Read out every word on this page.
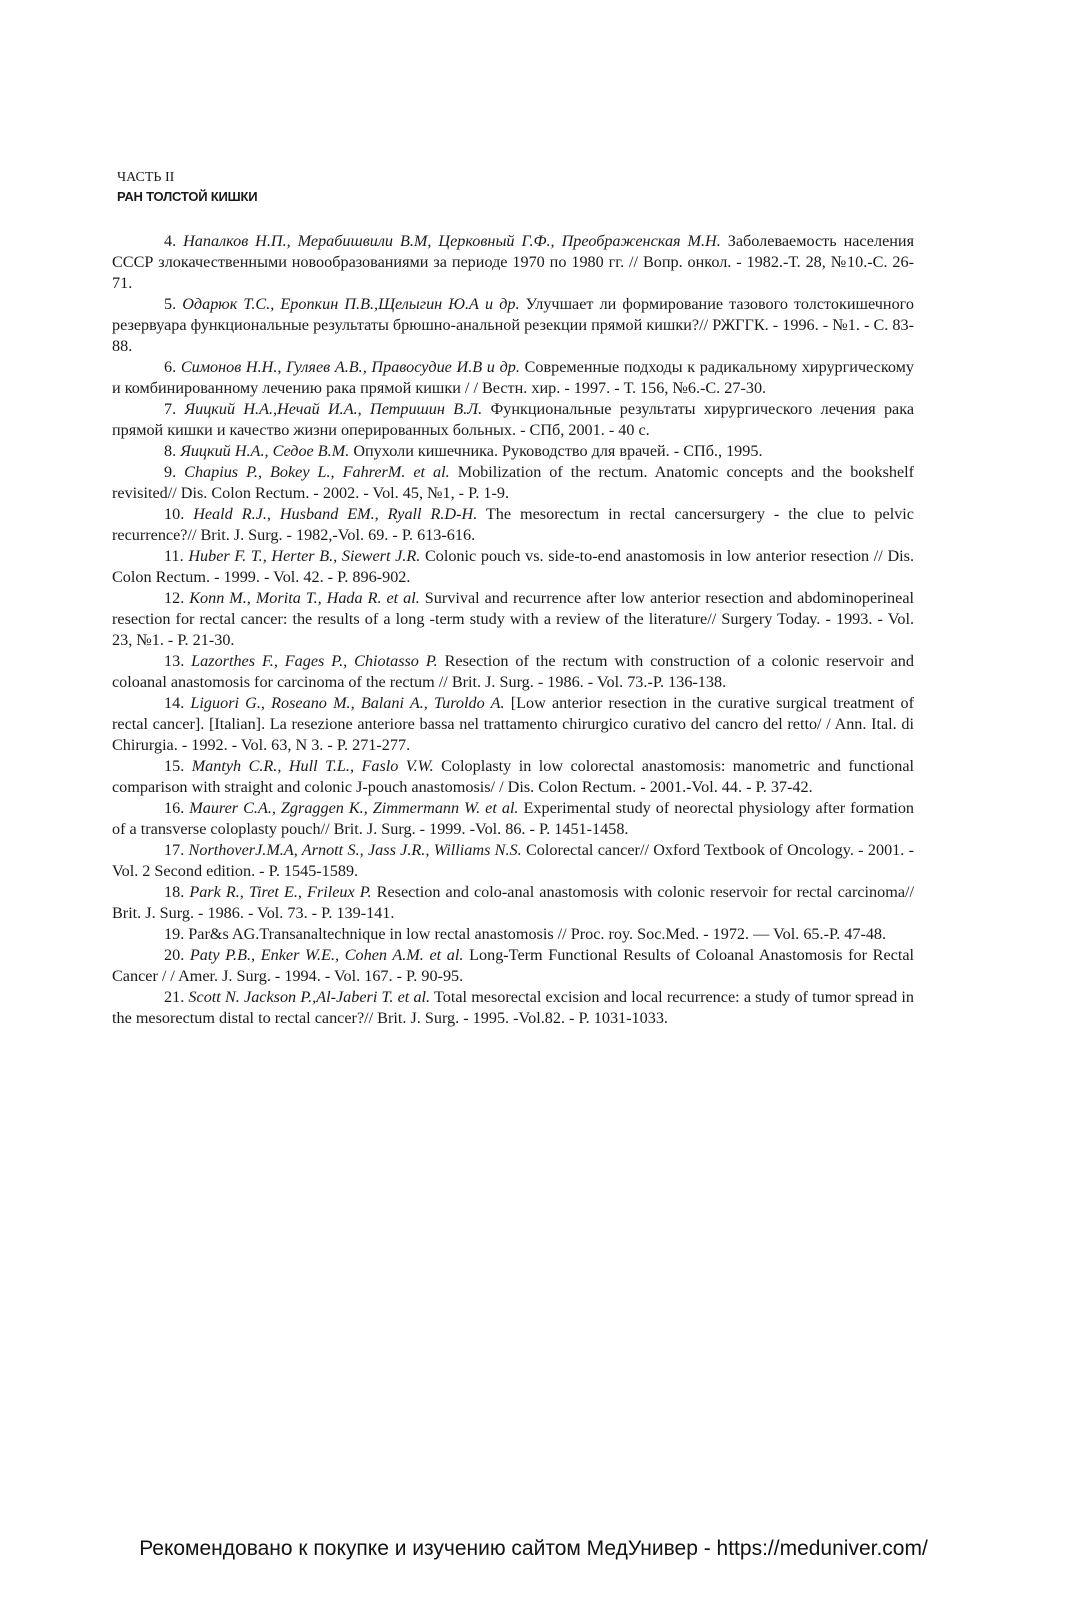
ЧАСТЬ II

РАН ТОЛСТОЙ КИШКИ

4. Напалков Н.П., Мерабишвили В.М, Церковный Г.Ф., Преображенская М.Н. Заболеваемость населения СССР злокачественными новообразованиями за периоде 1970 по 1980 гг. // Вопр. онкол. - 1982.-Т. 28, №10.-С. 26-71.

5. Одарюк Т.С., Еропкин П.В.,Щелыгин Ю.А и др. Улучшает ли формирование тазового толстокишечного резервуара функциональные результаты брюшно-анальной резекции прямой кишки?// РЖГГК. - 1996. - №1. - С. 83-88.

6. Симонов Н.Н., Гуляев А.В., Правосудие И.В и др. Современные подходы к радикальному хирургическому и комбинированному лечению рака прямой кишки / / Вестн. хир. - 1997. - Т. 156, №6.-С. 27-30.

7. Яицкий Н.А.,Нечай И.А., Петришин В.Л. Функциональные результаты хирургического лечения рака прямой кишки и качество жизни оперированных больных. - СПб, 2001. - 40 с.

8. Яицкий Н.А., Седое В.М. Опухоли кишечника. Руководство для врачей. - СПб., 1995.

9. Chapius P., Bokey L., FahrerM. et al. Mobilization of the rectum. Anatomic concepts and the bookshelf revisited// Dis. Colon Rectum. - 2002. - Vol. 45, №1, - P. 1-9.

10. Heald R.J., Husband EM., Ryall R.D-H. The mesorectum in rectal cancersurgery - the clue to pelvic recurrence?// Brit. J. Surg. - 1982,-Vol. 69. - P. 613-616.

11. Huber F. T., Herter B., Siewert J.R. Colonic pouch vs. side-to-end anastomosis in low anterior resection // Dis. Colon Rectum. - 1999. - Vol. 42. - P. 896-902.

12. Konn M., Morita T., Hada R. et al. Survival and recurrence after low anterior resection and abdominoperineal resection for rectal cancer: the results of a long -term study with a review of the literature// Surgery Today. - 1993. - Vol. 23, №1. - P. 21-30.

13. Lazorthes F., Fages P., Chiotasso P. Resection of the rectum with construction of a colonic reservoir and coloanal anastomosis for carcinoma of the rectum // Brit. J. Surg. - 1986. - Vol. 73.-P. 136-138.

14. Liguori G., Roseano M., Balani A., Turoldo A. [Low anterior resection in the curative surgical treatment of rectal cancer]. [Italian]. La resezione anteriore bassa nel trattamento chirurgico curativo del cancro del retto/ / Ann. Ital. di Chirurgia. - 1992. - Vol. 63, N 3. - P. 271-277.

15. Mantyh C.R., Hull T.L., Faslo V.W. Coloplasty in low colorectal anastomosis: manometric and functional comparison with straight and colonic J-pouch anastomosis/ / Dis. Colon Rectum. - 2001.-Vol. 44. - P. 37-42.

16. Maurer C.A., Zgraggen K., Zimmermann W. et al. Experimental study of neorectal physiology after formation of a transverse coloplasty pouch// Brit. J. Surg. - 1999. -Vol. 86. - P. 1451-1458.

17. NorthoverJ.M.A, Arnott S., Jass J.R., Williams N.S. Colorectal cancer// Oxford Textbook of Oncology. - 2001. -Vol. 2 Second edition. - P. 1545-1589.

18. Park R., Tiret E., Frileux P. Resection and colo-anal anastomosis with colonic reservoir for rectal carcinoma// Brit. J. Surg. - 1986. - Vol. 73. - P. 139-141.

19. Par&s AG.Transanaltechnique in low rectal anastomosis // Proc. roy. Soc.Med. - 1972. — Vol. 65.-P. 47-48.

20. Paty P.B., Enker W.E., Cohen A.M. et al. Long-Term Functional Results of Coloanal Anastomosis for Rectal Cancer / / Amer. J. Surg. - 1994. - Vol. 167. - P. 90-95.

21. Scott N. Jackson P.,Al-Jaberi T. et al. Total mesorectal excision and local recurrence: a study of tumor spread in the mesorectum distal to rectal cancer?// Brit. J. Surg. - 1995. -Vol.82. - P. 1031-1033.

Рекомендовано к покупке и изучению сайтом МедУнивер - https://meduniver.com/
